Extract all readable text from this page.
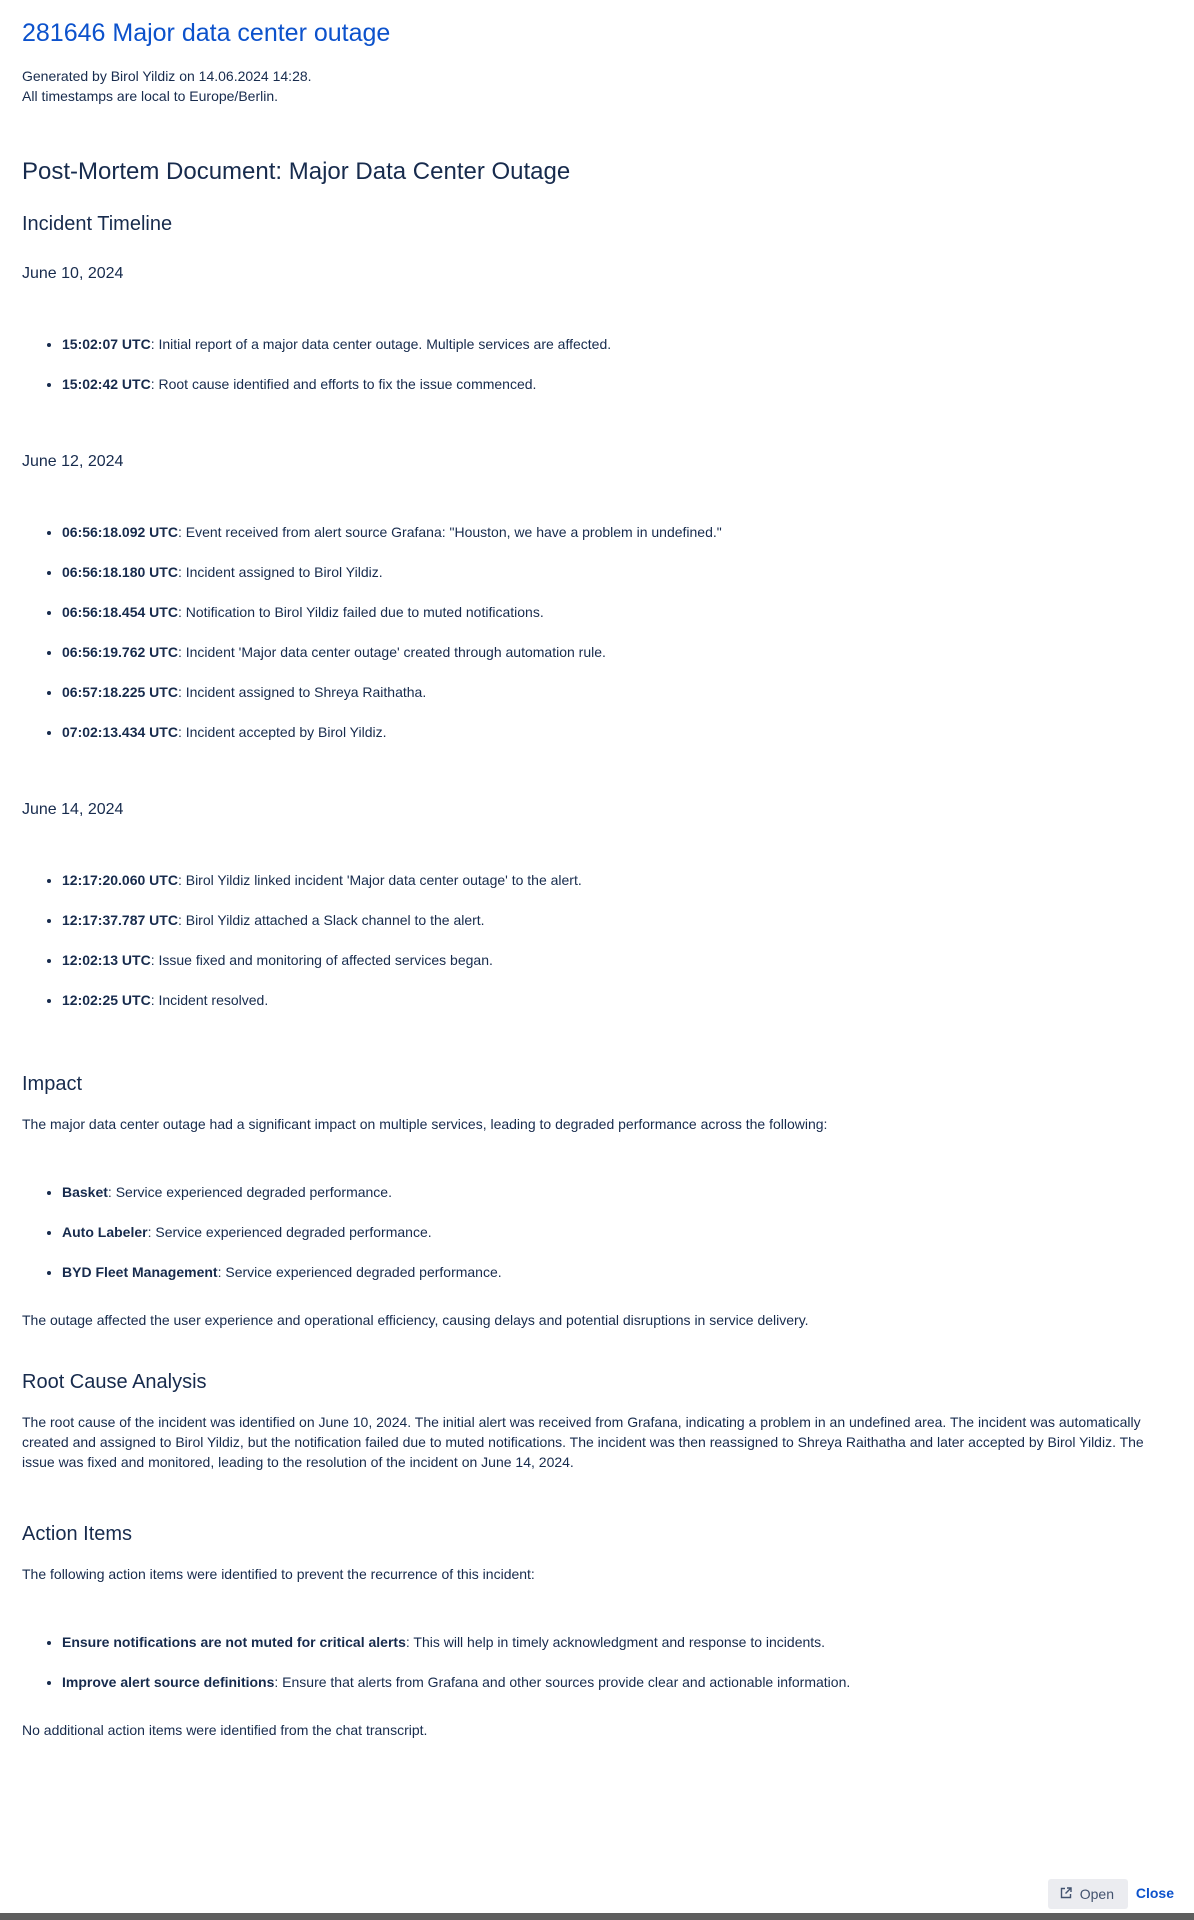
281646 Major data center outage
Generated by Birol Yildiz on 14.06.2024 14:28.
All timestamps are local to Europe/Berlin.
Post-Mortem Document: Major Data Center Outage
Incident Timeline
June 10, 2024
• 15:02:07 UTC: Initial report of a major data center outage. Multiple services are affected.
• 15:02:42 UTC: Root cause identified and efforts to fix the issue commenced.
June 12, 2024
• 06:56:18.092 UTC: Event received from alert source Grafana: "Houston, we have a problem in undefined."
• 06:56:18.180 UTC: Incident assigned to Birol Yildiz.
• 06:56:18.454 UTC: Notification to Birol Yildiz failed due to muted notifications.
• 06:56:19.762 UTC: Incident 'Major data center outage' created through automation rule.
• 06:57:18.225 UTC: Incident assigned to Shreya Raithatha.
• 07:02:13.434 UTC: Incident accepted by Birol Yildiz.
June 14, 2024
• 12:17:20.060 UTC: Birol Yildiz linked incident 'Major data center outage' to the alert.
• 12:17:37.787 UTC: Birol Yildiz attached a Slack channel to the alert.
• 12:02:13 UTC: Issue fixed and monitoring of affected services began.
• 12:02:25 UTC: Incident resolved.
Impact

The major data center outage had a significant impact on multiple services, leading to degraded performance across the following:

• Basket: Service experienced degraded performance.
• Auto Labeler: Service experienced degraded performance.
• BYD Fleet Management: Service experienced degraded performance.

The outage affected the user experience and operational efficiency, causing delays and potential disruptions in service delivery.

Root Cause Analysis

The root cause of the incident was identified on June 10, 2024. The initial alert was received from Grafana, indicating a problem in an undefined area. The incident was automatically created and assigned to Birol Yildiz, but the notification failed due to muted notifications. The incident was then reassigned to Shreya Raithatha and later accepted by Birol Yildiz. The issue was fixed and monitored, leading to the resolution of the incident on June 14, 2024.

Action Items

The following action items were identified to prevent the recurrence of this incident:

• Ensure notifications are not muted for critical alerts: This will help in timely acknowledgment and response to incidents.
• Improve alert source definitions: Ensure that alerts from Grafana and other sources provide clear and actionable information.

No additional action items were identified from the chat transcript.

Open Close
